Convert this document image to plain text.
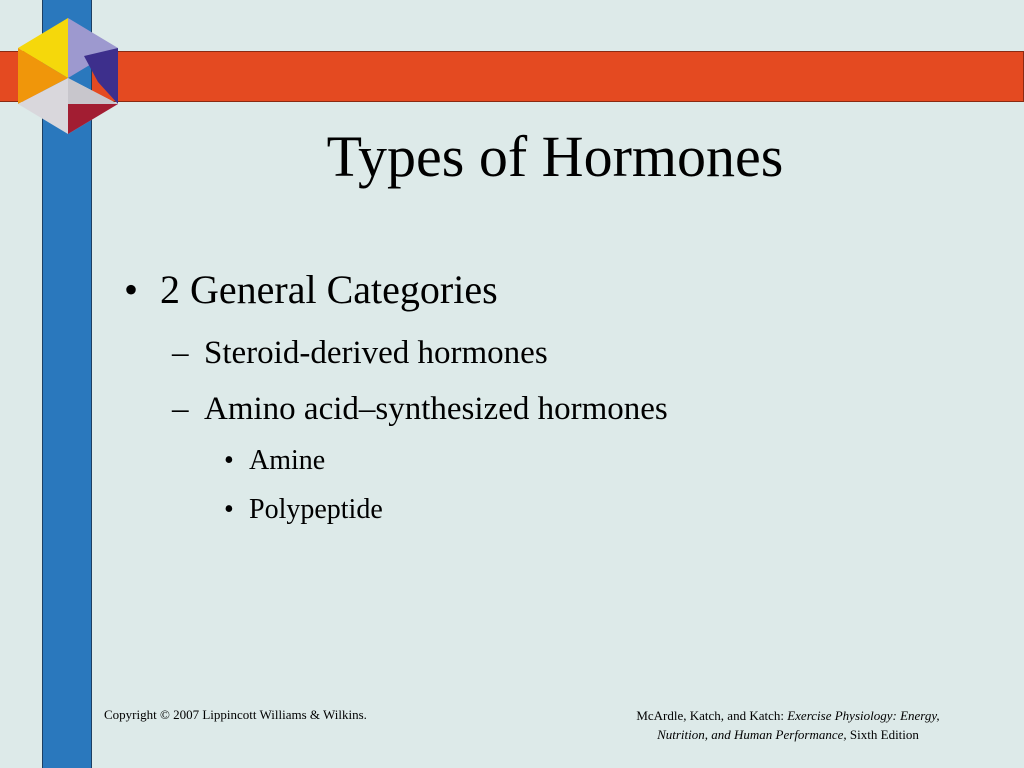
Types of Hormones
• 2 General Categories
– Steroid-derived hormones
– Amino acid–synthesized hormones
• Amine
• Polypeptide
Copyright © 2007 Lippincott Williams & Wilkins.	McArdle, Katch, and Katch: Exercise Physiology: Energy,
Nutrition, and Human Performance, Sixth Edition
